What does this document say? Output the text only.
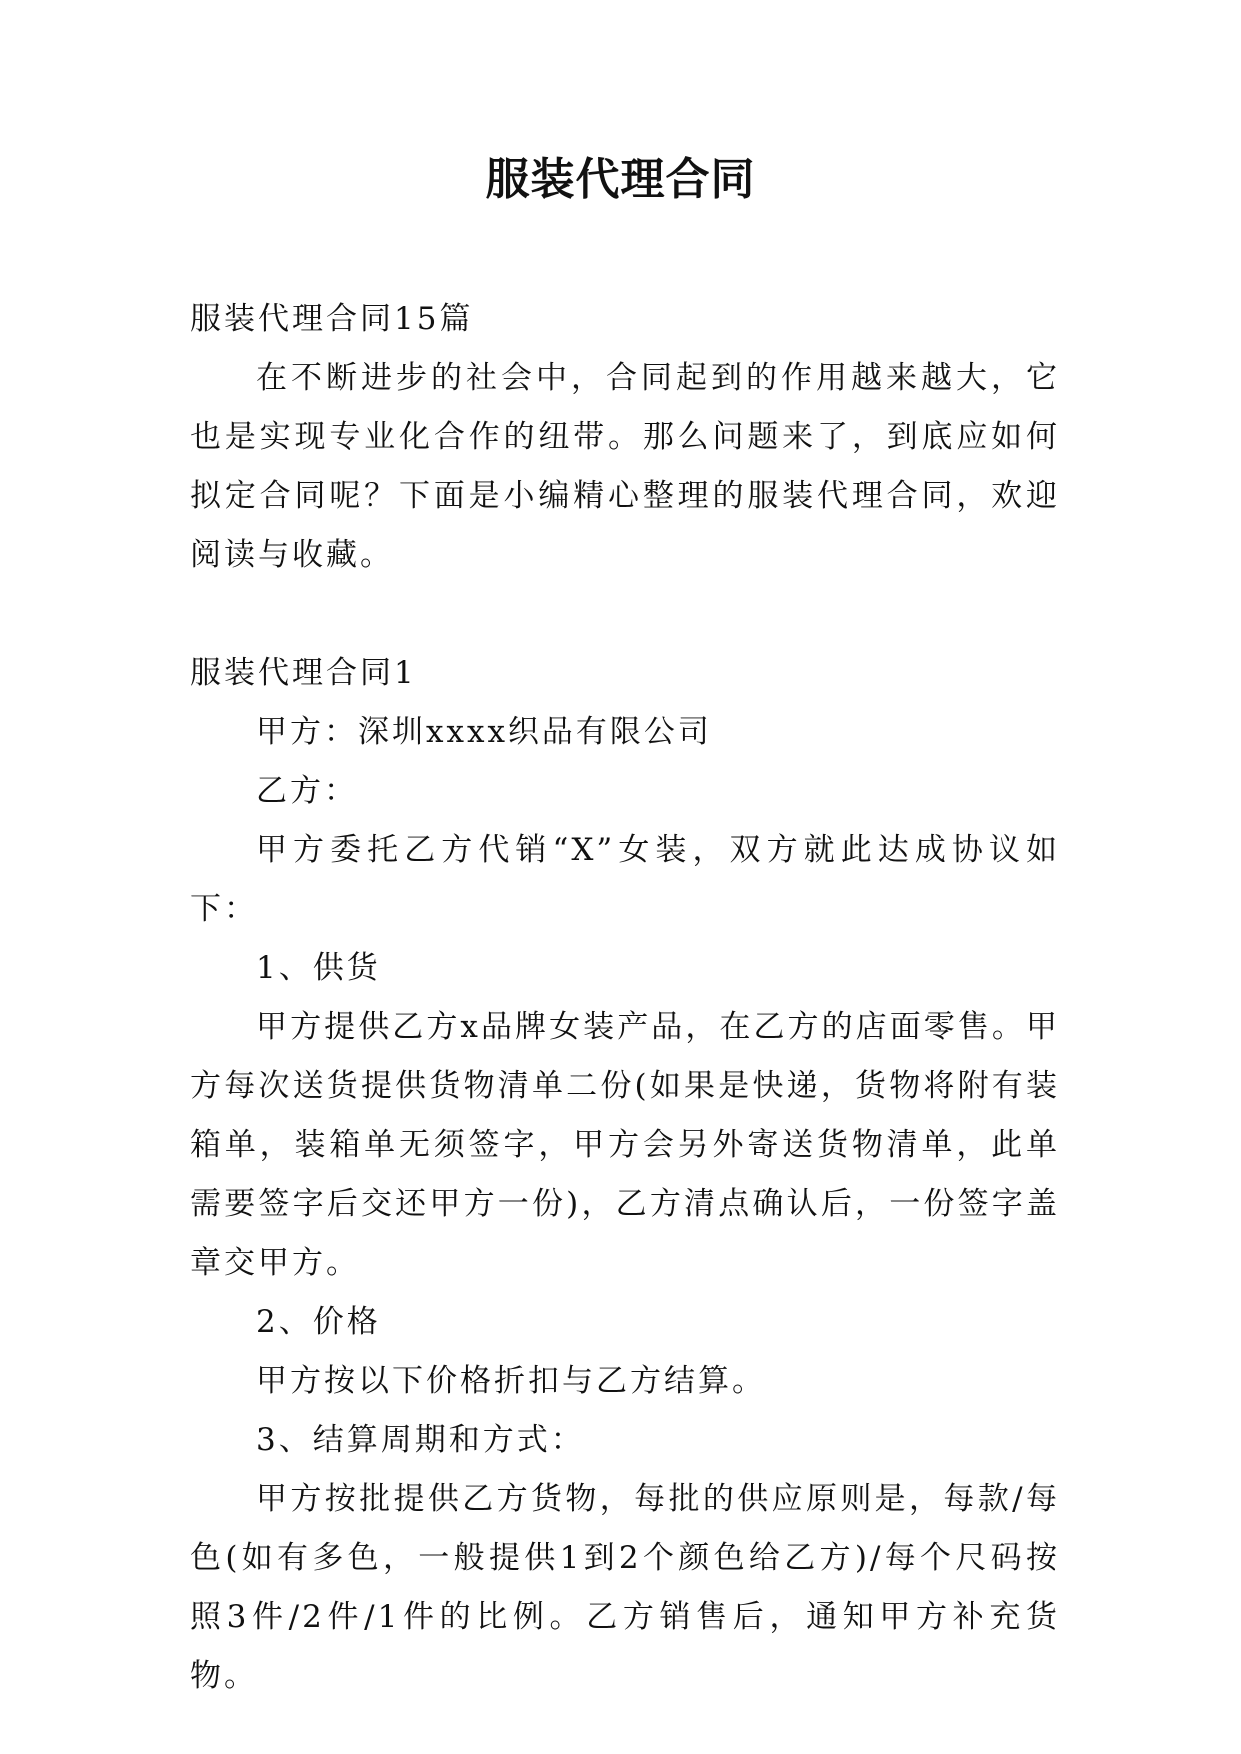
服装代理合同

服装代理合同15篇

在不断进步的社会中，合同起到的作用越来越大，它也是实现专业化合作的纽带。那么问题来了，到底应如何拟定合同呢？下面是小编精心整理的服装代理合同，欢迎阅读与收藏。

服装代理合同1

甲方：深圳xxxx织品有限公司

乙方：

甲方委托乙方代销“X”女装，双方就此达成协议如下：

1、供货

甲方提供乙方x品牌女装产品，在乙方的店面零售。甲方每次送货提供货物清单二份(如果是快递，货物将附有装箱单，装箱单无须签字，甲方会另外寄送货物清单，此单需要签字后交还甲方一份)，乙方清点确认后，一份签字盖章交甲方。

2、价格

甲方按以下价格折扣与乙方结算。

3、结算周期和方式：

甲方按批提供乙方货物，每批的供应原则是，每款/每色(如有多色，一般提供1到2个颜色给乙方)/每个尺码按照3件/2件/1件的比例。乙方销售后，通知甲方补充货物。
